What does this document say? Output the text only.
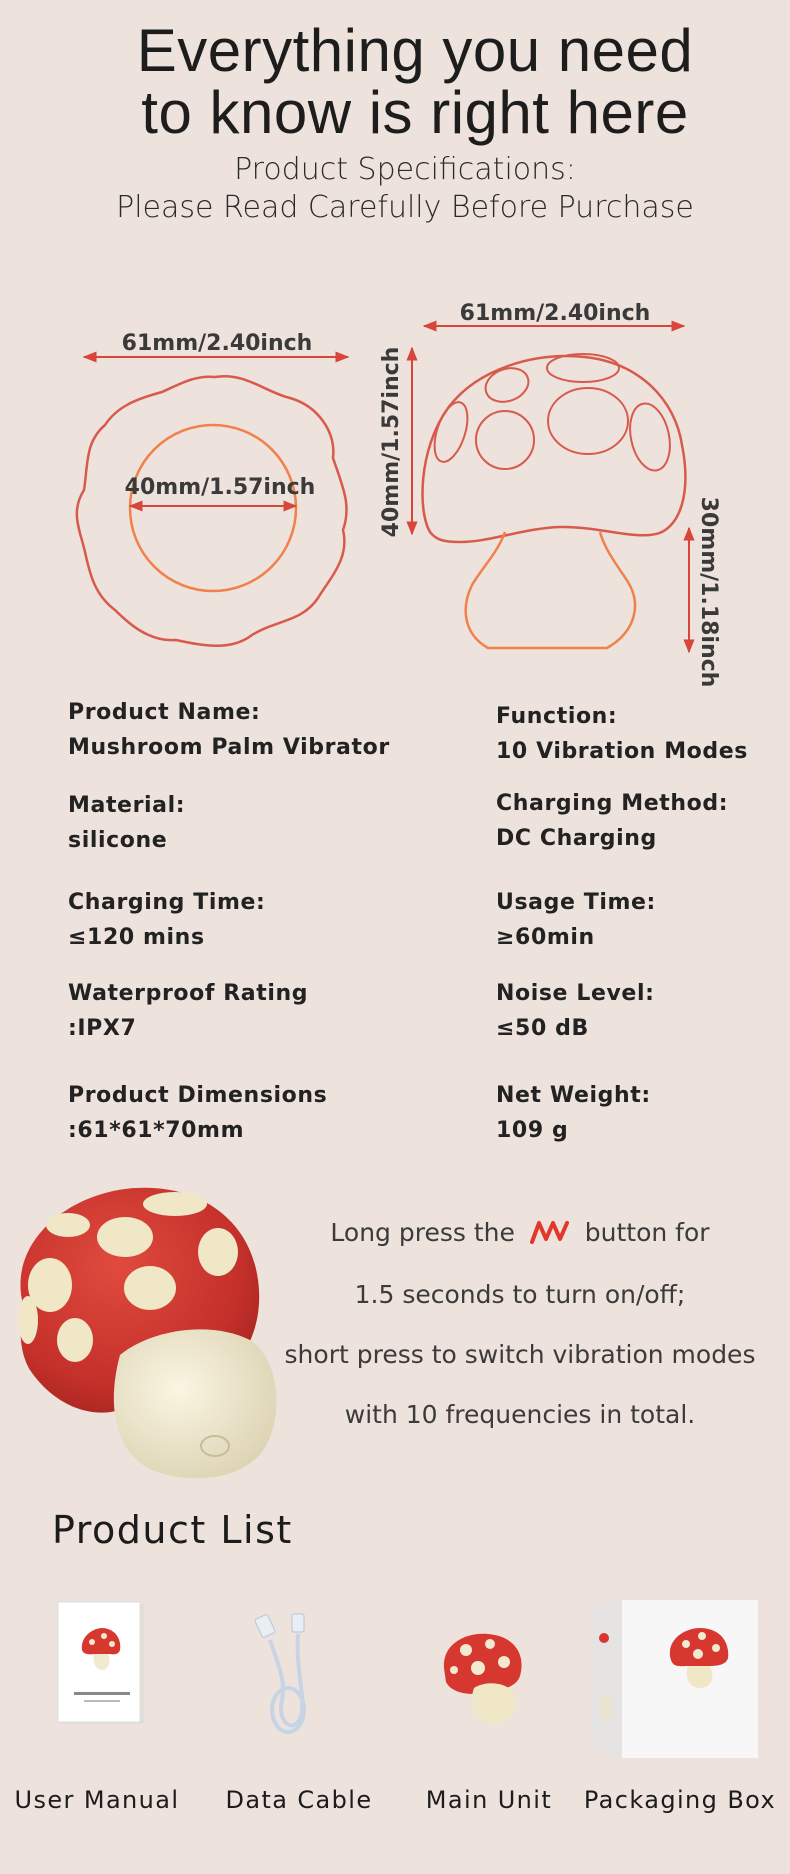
Everything you need
to know is right here
Product Specifications:
Please Read Carefully Before Purchase
61mm/2.40inch
40mm/1.57inch
61mm/2.40inch
40mm/1.57inch
30mm/1.18inch
Product Name:
Mushroom Palm Vibrator
Function:
10 Vibration Modes
Material:
silicone
Charging Method:
DC Charging
Charging Time:
≤120 mins
Usage Time:
≥60min
Waterproof Rating
:IPX7
Noise Level:
≤50 dB
Product Dimensions
:61*61*70mm
Net Weight:
109 g
Long press the	button for
1.5 seconds to turn on/off;
short press to switch vibration modes
with 10 frequencies in total.
Product List
User Manual	Data Cable	Main Unit	Packaging Box
